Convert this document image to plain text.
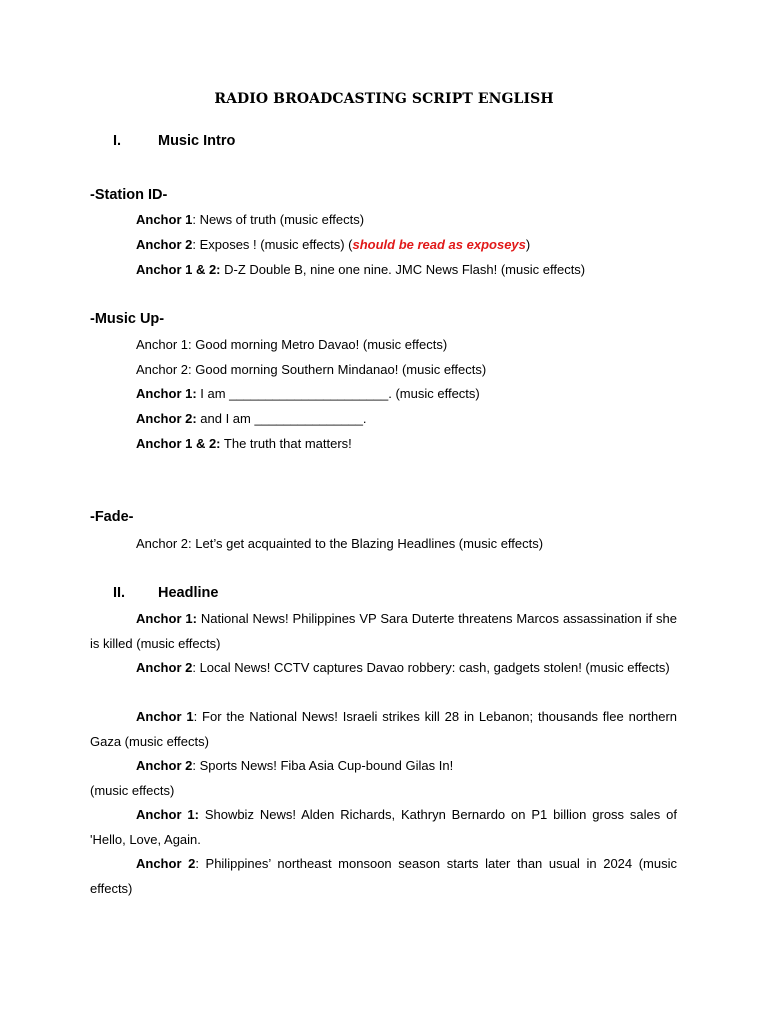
RADIO BROADCASTING SCRIPT ENGLISH
I.	Music Intro
-Station ID-
Anchor 1: News of truth (music effects)
Anchor 2: Exposes ! (music effects) (should be read as exposeys)
Anchor 1 & 2: D-Z Double B, nine one nine. JMC News Flash! (music effects)
-Music Up-
Anchor 1: Good morning Metro Davao! (music effects)
Anchor 2: Good morning Southern Mindanao! (music effects)
Anchor 1: I am ______________________. (music effects)
Anchor 2: and I am _______________.
Anchor 1 & 2: The truth that matters!
-Fade-
Anchor 2: Let’s get acquainted to the Blazing Headlines (music effects)
II. Headline
Anchor 1: National News! Philippines VP Sara Duterte threatens Marcos assassination if she is killed (music effects)
Anchor 2: Local News! CCTV captures Davao robbery: cash, gadgets stolen! (music effects)
Anchor 1: For the National News! Israeli strikes kill 28 in Lebanon; thousands flee northern Gaza (music effects)
Anchor 2: Sports News! Fiba Asia Cup-bound Gilas In!
(music effects)
Anchor 1: Showbiz News! Alden Richards, Kathryn Bernardo on P1 billion gross sales of 'Hello, Love, Again.
Anchor 2: Philippines’ northeast monsoon season starts later than usual in 2024 (music effects)
